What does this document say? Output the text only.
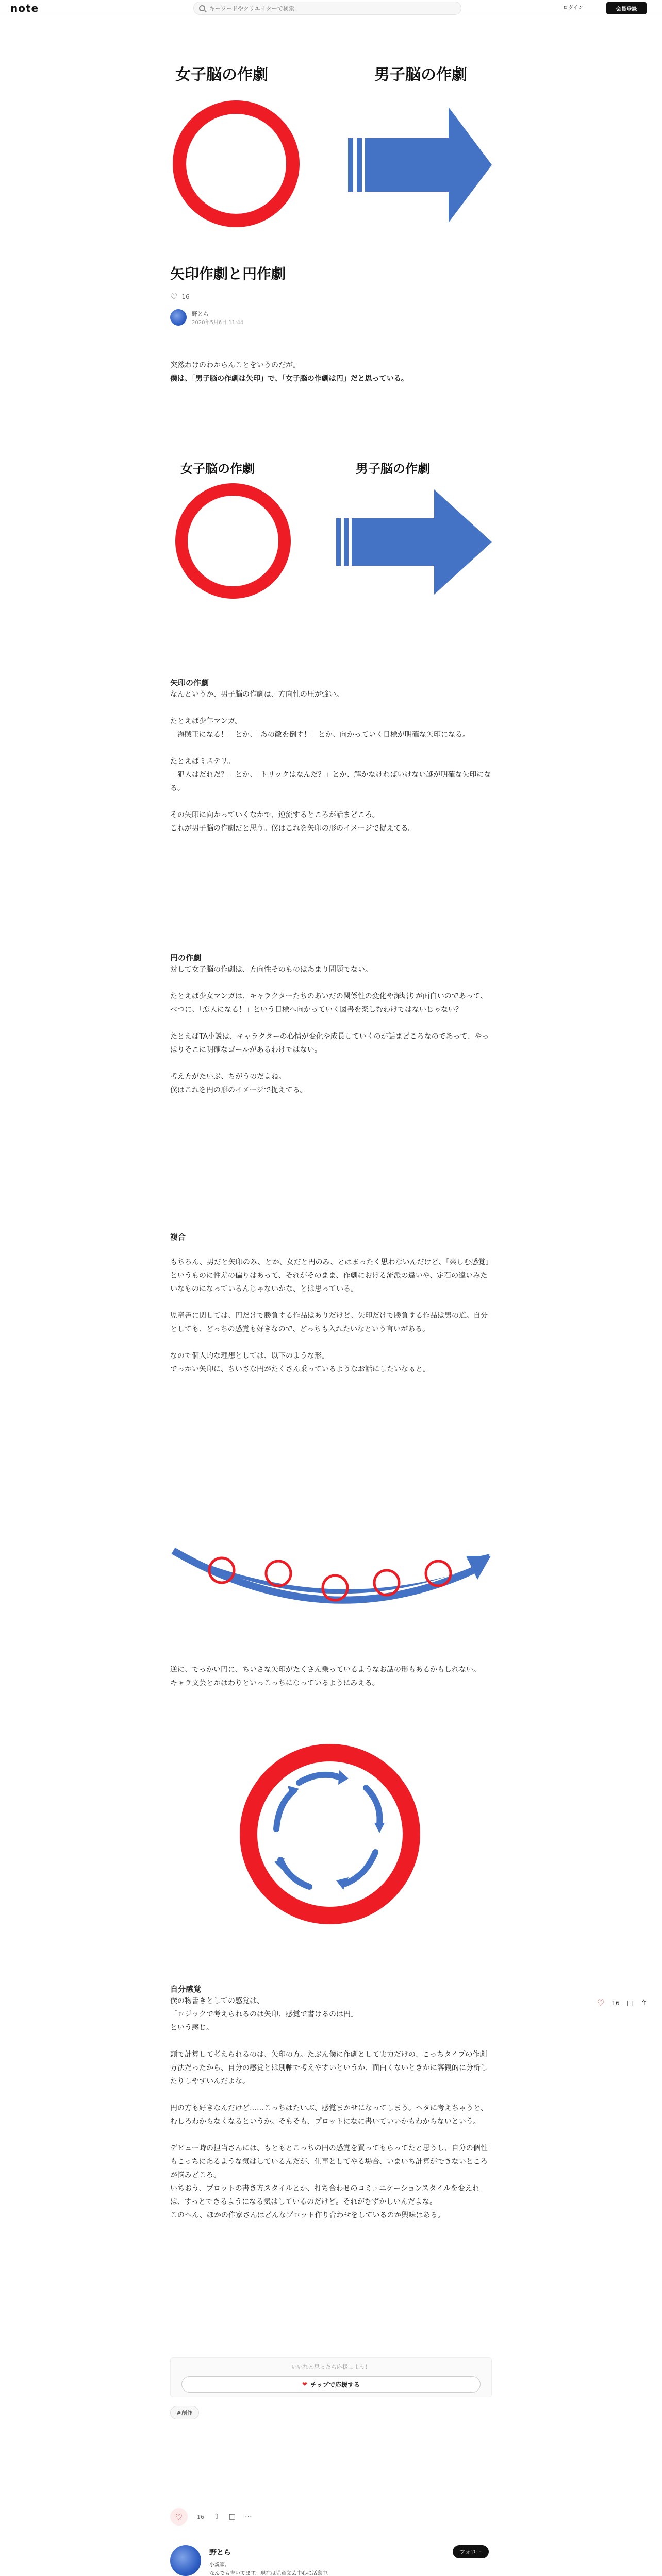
note
キーワードやクリエイターで検索	ログイン	会員登録
女子脳の作劇	男子脳の作劇
矢印作劇と円作劇
♡ 16
野とら
2020年5月6日 11:44
突然わけのわからんことをいうのだが。
僕は、「男子脳の作劇は矢印」で、「女子脳の作劇は円」だと思っている。
女子脳の作劇	男子脳の作劇
矢印の作劇
なんというか、男子脳の作劇は、方向性の圧が強い。
たとえば少年マンガ。
「海賊王になる！」とか、「あの敵を倒す！」とか、向かっていく目標が明確な矢印になる。
たとえばミステリ。
「犯人はだれだ？」とか、「トリックはなんだ？」とか、解かなければいけない謎が明確な矢印になる。
その矢印に向かっていくなかで、逆流するところが話まどころ。
これが男子脳の作劇だと思う。僕はこれを矢印の形のイメージで捉えてる。
円の作劇
対して女子脳の作劇は、方向性そのものはあまり問題でない。
たとえば少女マンガは、キャラクターたちのあいだの関係性の変化や深堀りが面白いのであって、べつに、「恋人になる！」という目標へ向かっていく図書を楽しむわけではないじゃない？
たとえばTA小説は、キャラクターの心情が変化や成長していくのが話まどころなのであって、やっぱりそこに明確なゴールがあるわけではない。
考え方がたいぶ、ちがうのだよね。
僕はこれを円の形のイメージで捉えてる。
複合
もちろん、男だと矢印のみ、とか、女だと円のみ、とはまったく思わないんだけど、「楽しむ感覚」というものに性差の偏りはあって、それがそのまま、作劇における流派の違いや、定石の違いみたいなものになっているんじゃないかな、とは思っている。
児童書に関しては、円だけで勝負する作品はありだけど、矢印だけで勝負する作品は男の道。自分としても、どっちの感覚も好きなので、どっちも入れたいなという言いがある。
なので個人的な理想としては、以下のような形。
でっかい矢印に、ちいさな円がたくさん乗っているようなお話にしたいなぁと。
逆に、でっかい円に、ちいさな矢印がたくさん乗っているようなお話の形もあるかもしれない。
キャラ文芸とかはわりといっこっちになっているようにみえる。
自分感覚
僕の物書きとしての感覚は、
「ロジックで考えられるのは矢印、感覚で書けるのは円」
という感じ。
頭で計算して考えられるのは、矢印の方。たぶん僕に作劇として実力だけの、こっちタイプの作劇方法だったから、自分の感覚とは別軸で考えやすいというか、面白くないときかに客観的に分析したりしやすいんだよな。
円の方も好きなんだけど……こっちはたいぶ、感覚まかせになってしまう。ヘタに考えちゃうと、むしろわからなくなるというか。そもそも、プロットになに書いていいかもわからないという。
デビュー時の担当さんには、もともとこっちの円の感覚を買ってもらってたと思うし、自分の個性もこっちにあるような気はしているんだが、仕事としてやる場合、いまいち計算ができないところが悩みどころ。
いちおう、プロットの書き方スタイルとか、打ち合わせのコミュニケーションスタイルを変えれば、すっとできるようになる気はしているのだけど。それがむずかしいんだよな。
このへん、ほかの作家さんはどんなプロット作り合わせをしているのか興味はある。
♡ 16 □ ⇧
いいなと思ったら応援しよう！
❤ チップで応援する
#創作
♡	16 ⇧ □ ⋯
野とら	フォロー
小説家。
なんでも書いてます。現在は児童文芸中心に活動中。
